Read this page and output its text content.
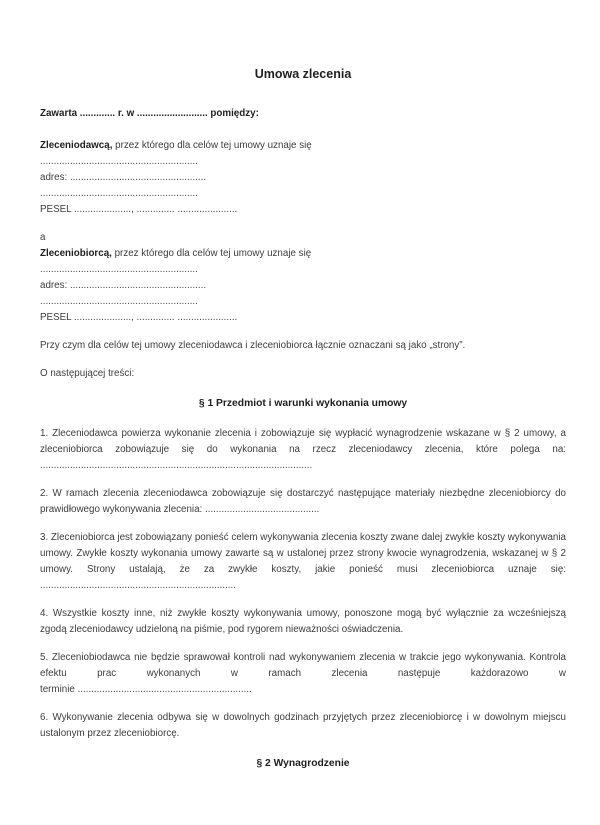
Umowa zlecenia

Zawarta ............. r. w .......................... pomiędzy:

Zleceniodawcą, przez którego dla celów tej umowy uznaje się

..........................................................

adres: ..................................................

..........................................................

PESEL ....................., .............. ......................

a

Zleceniobiorcą, przez którego dla celów tej umowy uznaje się

..........................................................

adres: ..................................................

..........................................................

PESEL ....................., .............. ......................

Przy czym dla celów tej umowy zleceniodawca i zleceniobiorca łącznie oznaczani są jako „strony”.

O następującej treści:

§ 1 Przedmiot i warunki wykonania umowy

1. Zleceniodawca powierza wykonanie zlecenia i zobowiązuje się wypłacić wynagrodzenie wskazane w § 2 umowy, a zleceniobiorca zobowiązuje się do wykonania na rzecz zleceniodawcy zlecenia, które polega na: ....................................................................................................

2. W ramach zlecenia zleceniodawca zobowiązuje się dostarczyć następujące materiały niezbędne zleceniobiorcy do prawidłowego wykonywania zlecenia: ..........................................

3. Zleceniobiorca jest zobowiązany ponieść celem wykonywania zlecenia koszty zwane dalej zwykłe koszty wykonywania umowy. Zwykłe koszty wykonania umowy zawarte są w ustalonej przez strony kwocie wynagrodzenia, wskazanej w § 2 umowy. Strony ustalają, że za zwykłe koszty, jakie ponieść musi zleceniobiorca uznaje się: ........................................................................

4. Wszystkie koszty inne, niż zwykłe koszty wykonywania umowy, ponoszone mogą być wyłącznie za wcześniejszą zgodą zleceniodawcy udzieloną na piśmie, pod rygorem nieważności oświadczenia.

5. Zleceniobiodawca nie będzie sprawował kontroli nad wykonywaniem zlecenia w trakcie jego wykonywania. Kontrola efektu prac wykonanych w ramach zlecenia następuje każdorazowo w
terminie ................................................................

6. Wykonywanie zlecenia odbywa się w dowolnych godzinach przyjętych przez zleceniobiorcę i w dowolnym miejscu ustalonym przez zleceniobiorcę.

§ 2 Wynagrodzenie
